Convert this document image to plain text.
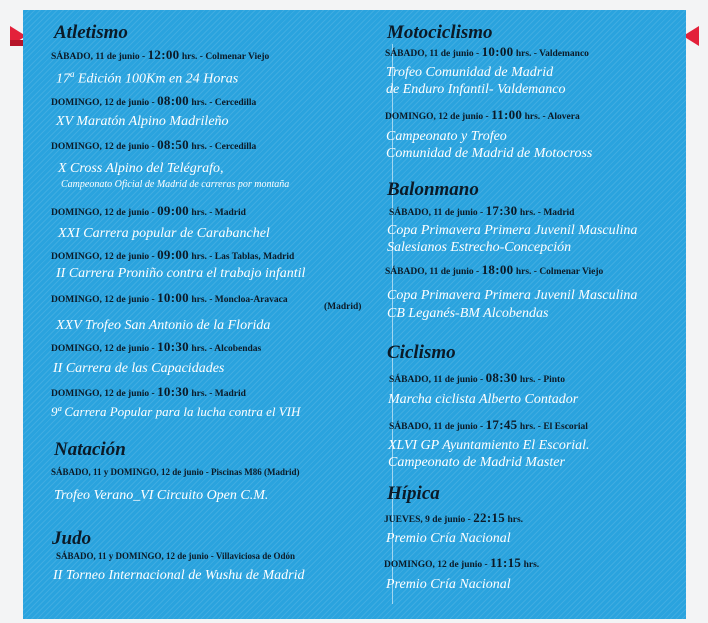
Atletismo
SÁBADO, 11 de junio - 12:00 hrs. - Colmenar Viejo
17$^a$ Edición 100Km en 24 Horas
DOMINGO, 12 de junio - 08:00 hrs. - Cercedilla
XV Maratón Alpino Madrileño
DOMINGO, 12 de junio - 08:50 hrs. - Cercedilla
X Cross Alpino del Telégrafo,
Campeonato Oficial de Madrid de carreras por montaña
DOMINGO, 12 de junio - 09:00 hrs. - Madrid
XXI Carrera popular de Carabanchel
DOMINGO, 12 de junio - 09:00 hrs. - Las Tablas, Madrid
II Carrera Proniño contra el trabajo infantil
DOMINGO, 12 de junio - 10:00 hrs. - Moncloa-Aravaca
(Madrid)
XXV Trofeo San Antonio de la Florida
DOMINGO, 12 de junio - 10:30 hrs. - Alcobendas
II Carrera de las Capacidades
DOMINGO, 12 de junio - 10:30 hrs. - Madrid
9ª Carrera Popular para la lucha contra el VIH
Natación
SÁBADO, 11 y DOMINGO, 12 de junio - Piscinas M86 (Madrid)
Trofeo Verano_VI Circuito Open C.M.
Judo
SÁBADO, 11 y DOMINGO, 12 de junio - Villaviciosa de Odón
II Torneo Internacional de Wushu de Madrid
Motociclismo
SÁBADO, 11 de junio - 10:00 hrs. - Valdemanco
Trofeo Comunidad de Madrid
de Enduro Infantil- Valdemanco
DOMINGO, 12 de junio - 11:00 hrs. - Alovera
Campeonato y Trofeo
Comunidad de Madrid de Motocross
Balonmano
SÁBADO, 11 de junio - 17:30 hrs. - Madrid
Copa Primavera Primera Juvenil Masculina
Salesianos Estrecho-Concepción
SÁBADO, 11 de junio - 18:00 hrs. - Colmenar Viejo
Copa Primavera Primera Juvenil Masculina
CB Leganés-BM Alcobendas
Ciclismo
SÁBADO, 11 de junio - 08:30 hrs. - Pinto
Marcha ciclista Alberto Contador
SÁBADO, 11 de junio - 17:45 hrs. - El Escorial
XLVI GP Ayuntamiento El Escorial.
Campeonato de Madrid Master
Hípica
JUEVES, 9 de junio - 22:15 hrs.
Premio Cría Nacional
DOMINGO, 12 de junio - 11:15 hrs.
Premio Cría Nacional
